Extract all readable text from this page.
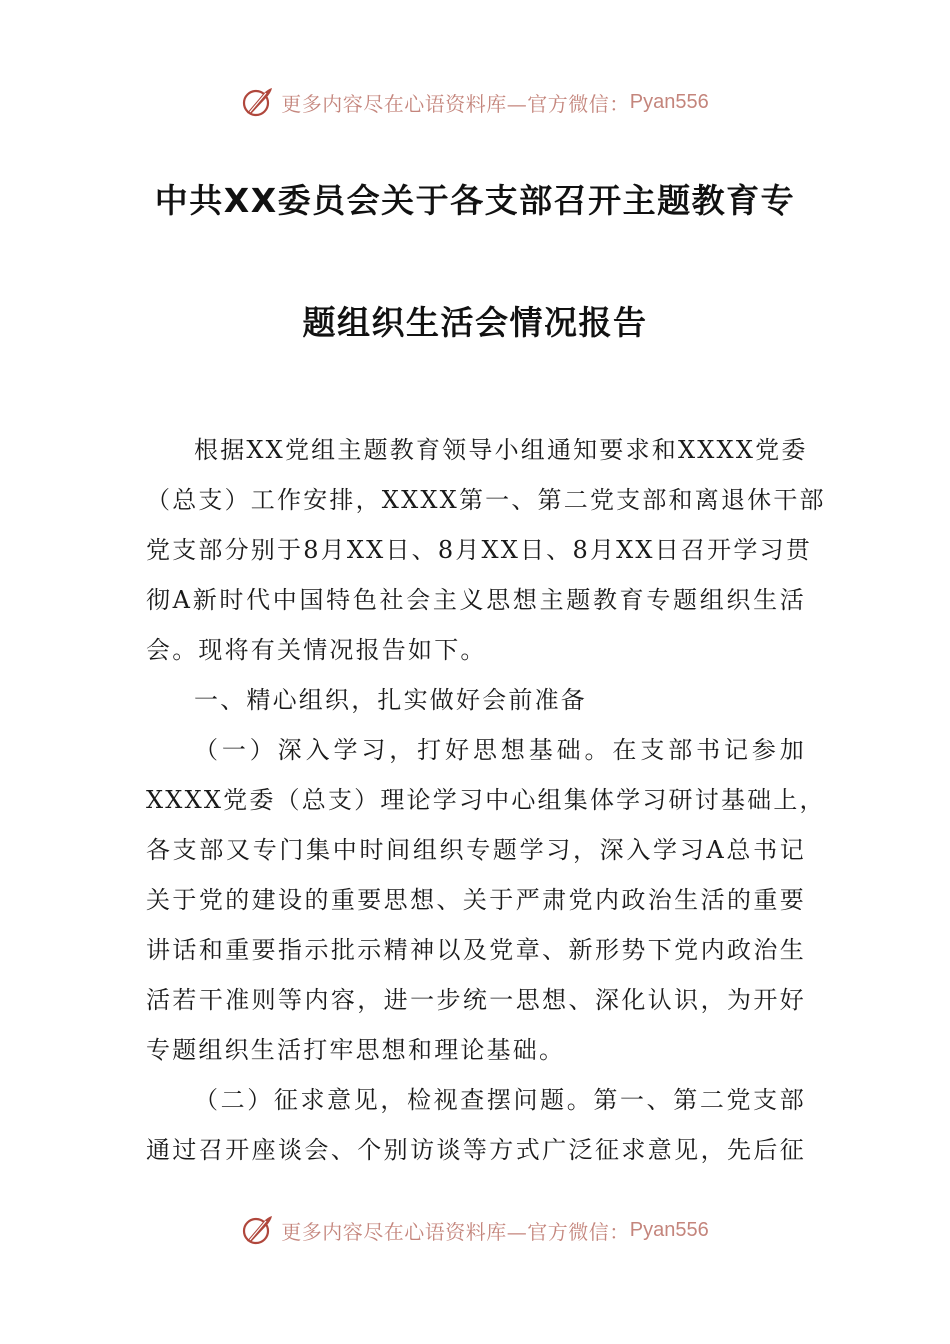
更多内容尽在心语资料库—官方微信： Pyan556
中共XX委员会关于各支部召开主题教育专
题组织生活会情况报告

根据XX党组主题教育领导小组通知要求和XXXX党委
（总支）工作安排，XXXX第一、第二党支部和离退休干部
党支部分别于8月XX日、8月XX日、8月XX日召开学习贯
彻A新时代中国特色社会主义思想主题教育专题组织生活
会。现将有关情况报告如下。

一、精心组织，扎实做好会前准备

（一）深入学习，打好思想基础。在支部书记参加
XXXX党委（总支）理论学习中心组集体学习研讨基础上，
各支部又专门集中时间组织专题学习，深入学习A总书记
关于党的建设的重要思想、关于严肃党内政治生活的重要
讲话和重要指示批示精神以及党章、新形势下党内政治生
活若干准则等内容，进一步统一思想、深化认识，为开好
专题组织生活打牢思想和理论基础。

（二）征求意见，检视查摆问题。第一、第二党支部
通过召开座谈会、个别访谈等方式广泛征求意见，先后征

更多内容尽在心语资料库—官方微信： Pyan556
